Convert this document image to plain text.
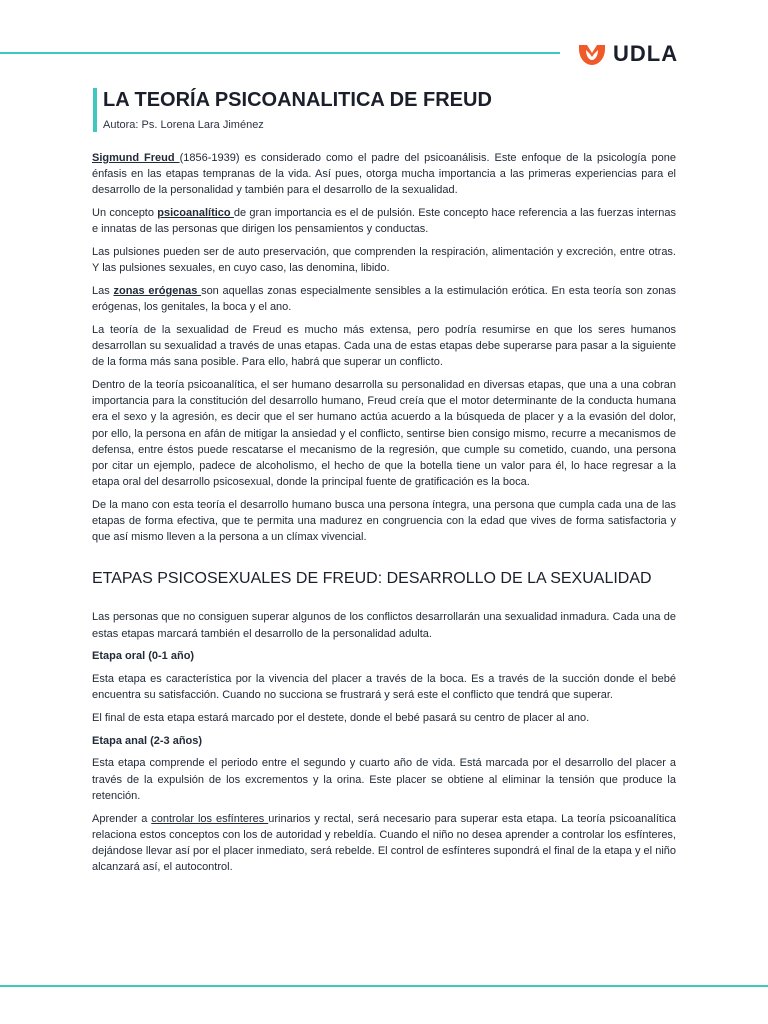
UDLA
LA TEORÍA PSICOANALITICA DE FREUD
Autora: Ps. Lorena Lara Jiménez

Sigmund Freud (1856-1939) es considerado como el padre del psicoanálisis. Este enfoque de la psicología pone énfasis en las etapas tempranas de la vida. Así pues, otorga mucha importancia a las primeras experiencias para el desarrollo de la personalidad y también para el desarrollo de la sexualidad.

Un concepto psicoanalítico de gran importancia es el de pulsión. Este concepto hace referencia a las fuerzas internas e innatas de las personas que dirigen los pensamientos y conductas.

Las pulsiones pueden ser de auto preservación, que comprenden la respiración, alimentación y excreción, entre otras. Y las pulsiones sexuales, en cuyo caso, las denomina, libido.

Las zonas erógenas son aquellas zonas especialmente sensibles a la estimulación erótica. En esta teoría son zonas erógenas, los genitales, la boca y el ano.

La teoría de la sexualidad de Freud es mucho más extensa, pero podría resumirse en que los seres humanos desarrollan su sexualidad a través de unas etapas. Cada una de estas etapas debe superarse para pasar a la siguiente de la forma más sana posible. Para ello, habrá que superar un conflicto.

Dentro de la teoría psicoanalítica, el ser humano desarrolla su personalidad en diversas etapas, que una a una cobran importancia para la constitución del desarrollo humano, Freud creía que el motor determinante de la conducta humana era el sexo y la agresión, es decir que el ser humano actúa acuerdo a la búsqueda de placer y a la evasión del dolor, por ello, la persona en afán de mitigar la ansiedad y el conflicto, sentirse bien consigo mismo, recurre a mecanismos de defensa, entre éstos puede rescatarse el mecanismo de la regresión, que cumple su cometido, cuando, una persona por citar un ejemplo, padece de alcoholismo, el hecho de que la botella tiene un valor para él, lo hace regresar a la etapa oral del desarrollo psicosexual, donde la principal fuente de gratificación es la boca.

De la mano con esta teoría el desarrollo humano busca una persona íntegra, una persona que cumpla cada una de las etapas de forma efectiva, que te permita una madurez en congruencia con la edad que vives de forma satisfactoria y que así mismo lleven a la persona a un clímax vivencial.

ETAPAS PSICOSEXUALES DE FREUD: DESARROLLO DE LA SEXUALIDAD

Las personas que no consiguen superar algunos de los conflictos desarrollarán una sexualidad inmadura. Cada una de estas etapas marcará también el desarrollo de la personalidad adulta.

Etapa oral (0-1 año)

Esta etapa es característica por la vivencia del placer a través de la boca. Es a través de la succión donde el bebé encuentra su satisfacción. Cuando no succiona se frustrará y será este el conflicto que tendrá que superar.

El final de esta etapa estará marcado por el destete, donde el bebé pasará su centro de placer al ano.

Etapa anal (2-3 años)

Esta etapa comprende el periodo entre el segundo y cuarto año de vida. Está marcada por el desarrollo del placer a través de la expulsión de los excrementos y la orina. Este placer se obtiene al eliminar la tensión que produce la retención.

Aprender a controlar los esfínteres urinarios y rectal, será necesario para superar esta etapa. La teoría psicoanalítica relaciona estos conceptos con los de autoridad y rebeldía. Cuando el niño no desea aprender a controlar los esfínteres, dejándose llevar así por el placer inmediato, será rebelde. El control de esfínteres supondrá el final de la etapa y el niño alcanzará así, el autocontrol.
